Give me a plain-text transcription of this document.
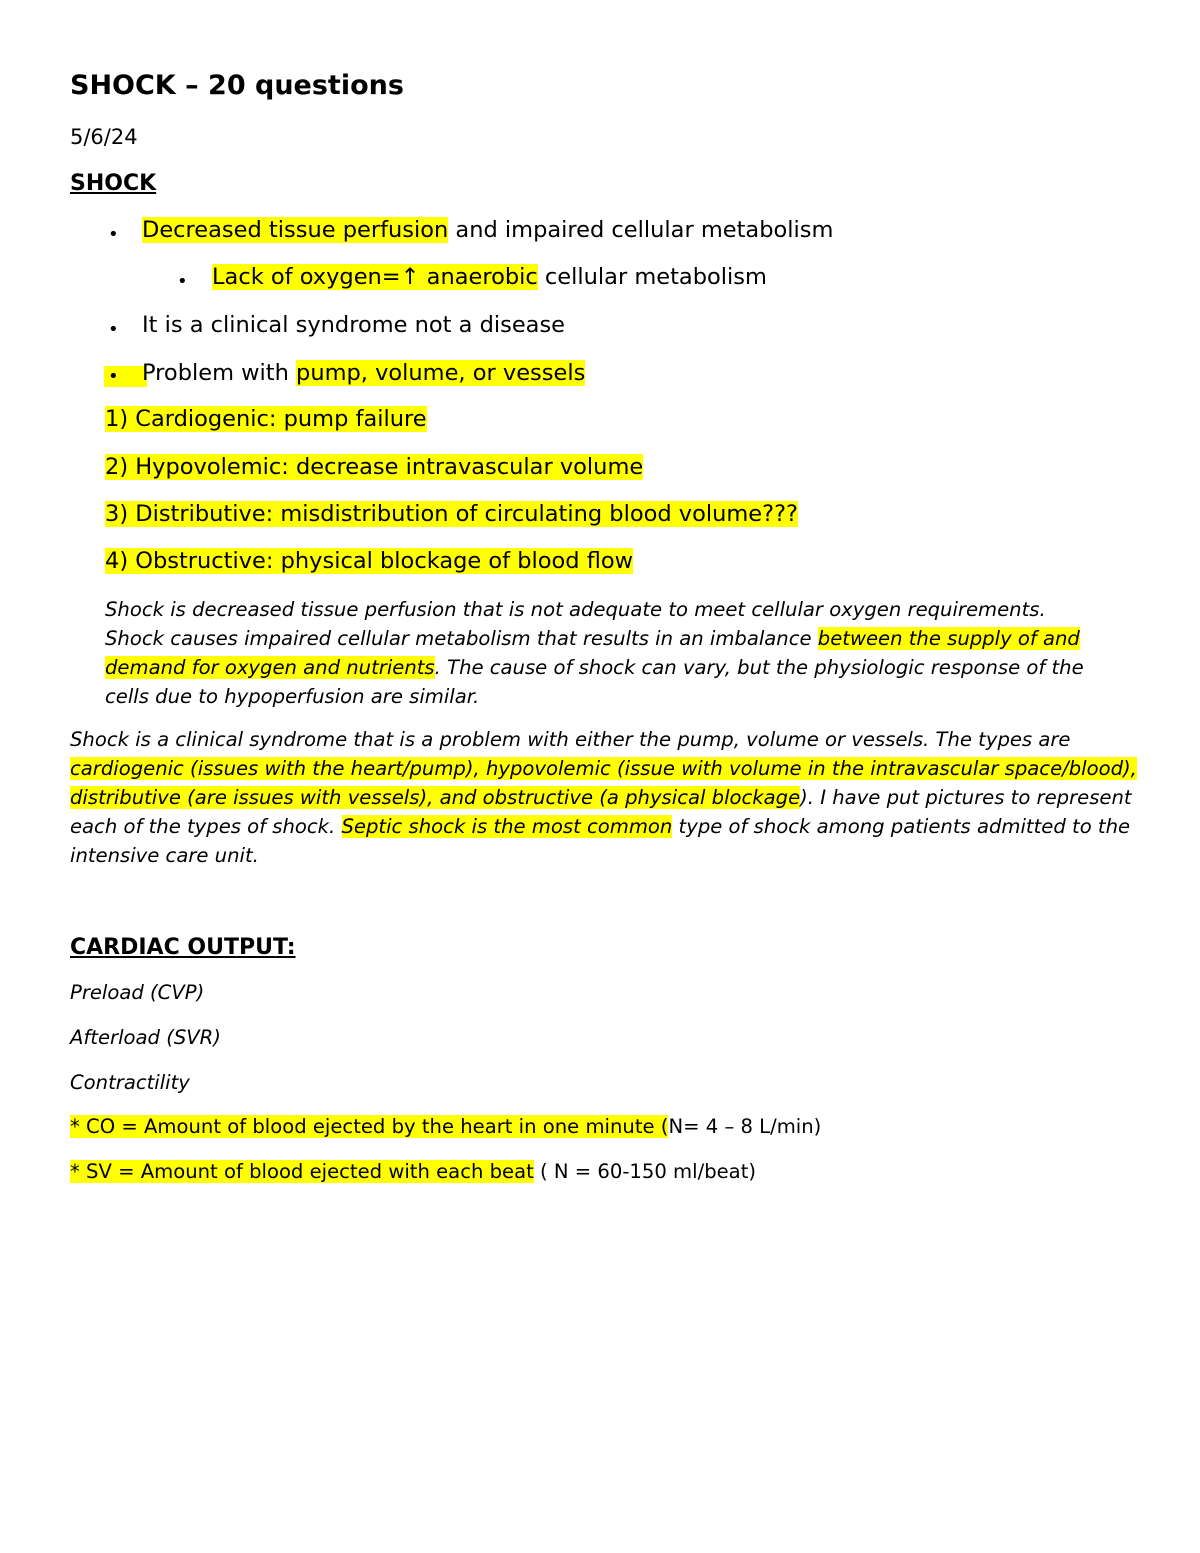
SHOCK – 20 questions
5/6/24
SHOCK
• Decreased tissue perfusion and impaired cellular metabolism
• Lack of oxygen=↑ anaerobic cellular metabolism
• It is a clinical syndrome not a disease
•	Problem with pump, volume, or vessels
1) Cardiogenic: pump failure
2) Hypovolemic: decrease intravascular volume
3) Distributive: misdistribution of circulating blood volume???
4) Obstructive: physical blockage of blood flow
Shock is decreased tissue perfusion that is not adequate to meet cellular oxygen requirements. Shock causes impaired cellular metabolism that results in an imbalance between the supply of and demand for oxygen and nutrients. The cause of shock can vary, but the physiologic response of the cells due to hypoperfusion are similar.
Shock is a clinical syndrome that is a problem with either the pump, volume or vessels. The types are cardiogenic (issues with the heart/pump), hypovolemic (issue with volume in the intravascular space/blood), distributive (are issues with vessels), and obstructive (a physical blockage). I have put pictures to represent each of the types of shock. Septic shock is the most common type of shock among patients admitted to the intensive care unit.
CARDIAC OUTPUT:
Preload (CVP)
Afterload (SVR)
Contractility
* CO = Amount of blood ejected by the heart in one minute (N= 4 – 8 L/min)
* SV = Amount of blood ejected with each beat ( N = 60-150 ml/beat)
